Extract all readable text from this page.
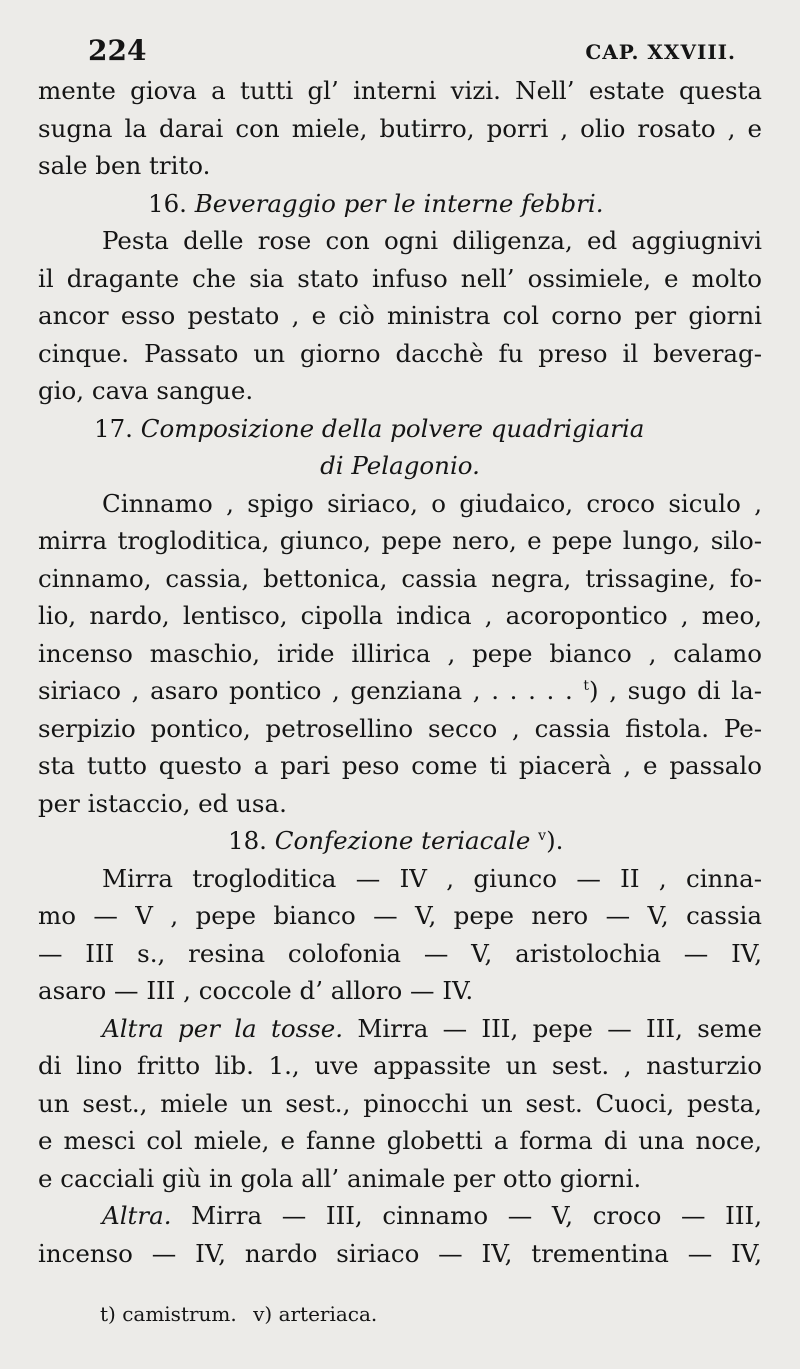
224	CAP. XXVIII.
mente giova a tutti gl’ interni vizi. Nell’ estate questa
sugna la darai con miele, butirro, porri , olio rosato , e
sale ben trito.
16. Beveraggio per le interne febbri.
Pesta delle rose con ogni diligenza, ed aggiugnivi
il dragante che sia stato infuso nell’ ossimiele, e molto
ancor esso pestato , e ciò ministra col corno per giorni
cinque. Passato un giorno dacchè fu preso il beverag-
gio, cava sangue.
17. Composizione della polvere quadrigiaria
di Pelagonio.
Cinnamo , spigo siriaco, o giudaico, croco siculo ,
mirra trogloditica, giunco, pepe nero, e pepe lungo, silo-
cinnamo, cassia, bettonica, cassia negra, trissagine, fo-
lio, nardo, lentisco, cipolla indica , acoropontico , meo,
incenso maschio, iride illirica , pepe bianco , calamo
siriaco , asaro pontico , genziana , . . . . . $^t$) , sugo di la-
serpizio pontico, petrosellino secco , cassia fistola. Pe-
sta tutto questo a pari peso come ti piacerà , e passalo
per istaccio, ed usa.
18. Confezione teriacale $^v$).
Mirra trogloditica — IV , giunco — II , cinna-
mo — V , pepe bianco — V, pepe nero — V, cassia
— III s., resina colofonia — V, aristolochia — IV,
asaro — III , coccole d’ alloro — IV.
Altra per la tosse. Mirra — III, pepe — III, seme
di lino fritto lib. 1., uve appassite un sest. , nasturzio
un sest., miele un sest., pinocchi un sest. Cuoci, pesta,
e mesci col miele, e fanne globetti a forma di una noce,
e cacciali giù in gola all’ animale per otto giorni.
Altra. Mirra — III, cinnamo — V, croco — III,
incenso — IV, nardo siriaco — IV, trementina — IV,
t) camistrum. v) arteriaca.
